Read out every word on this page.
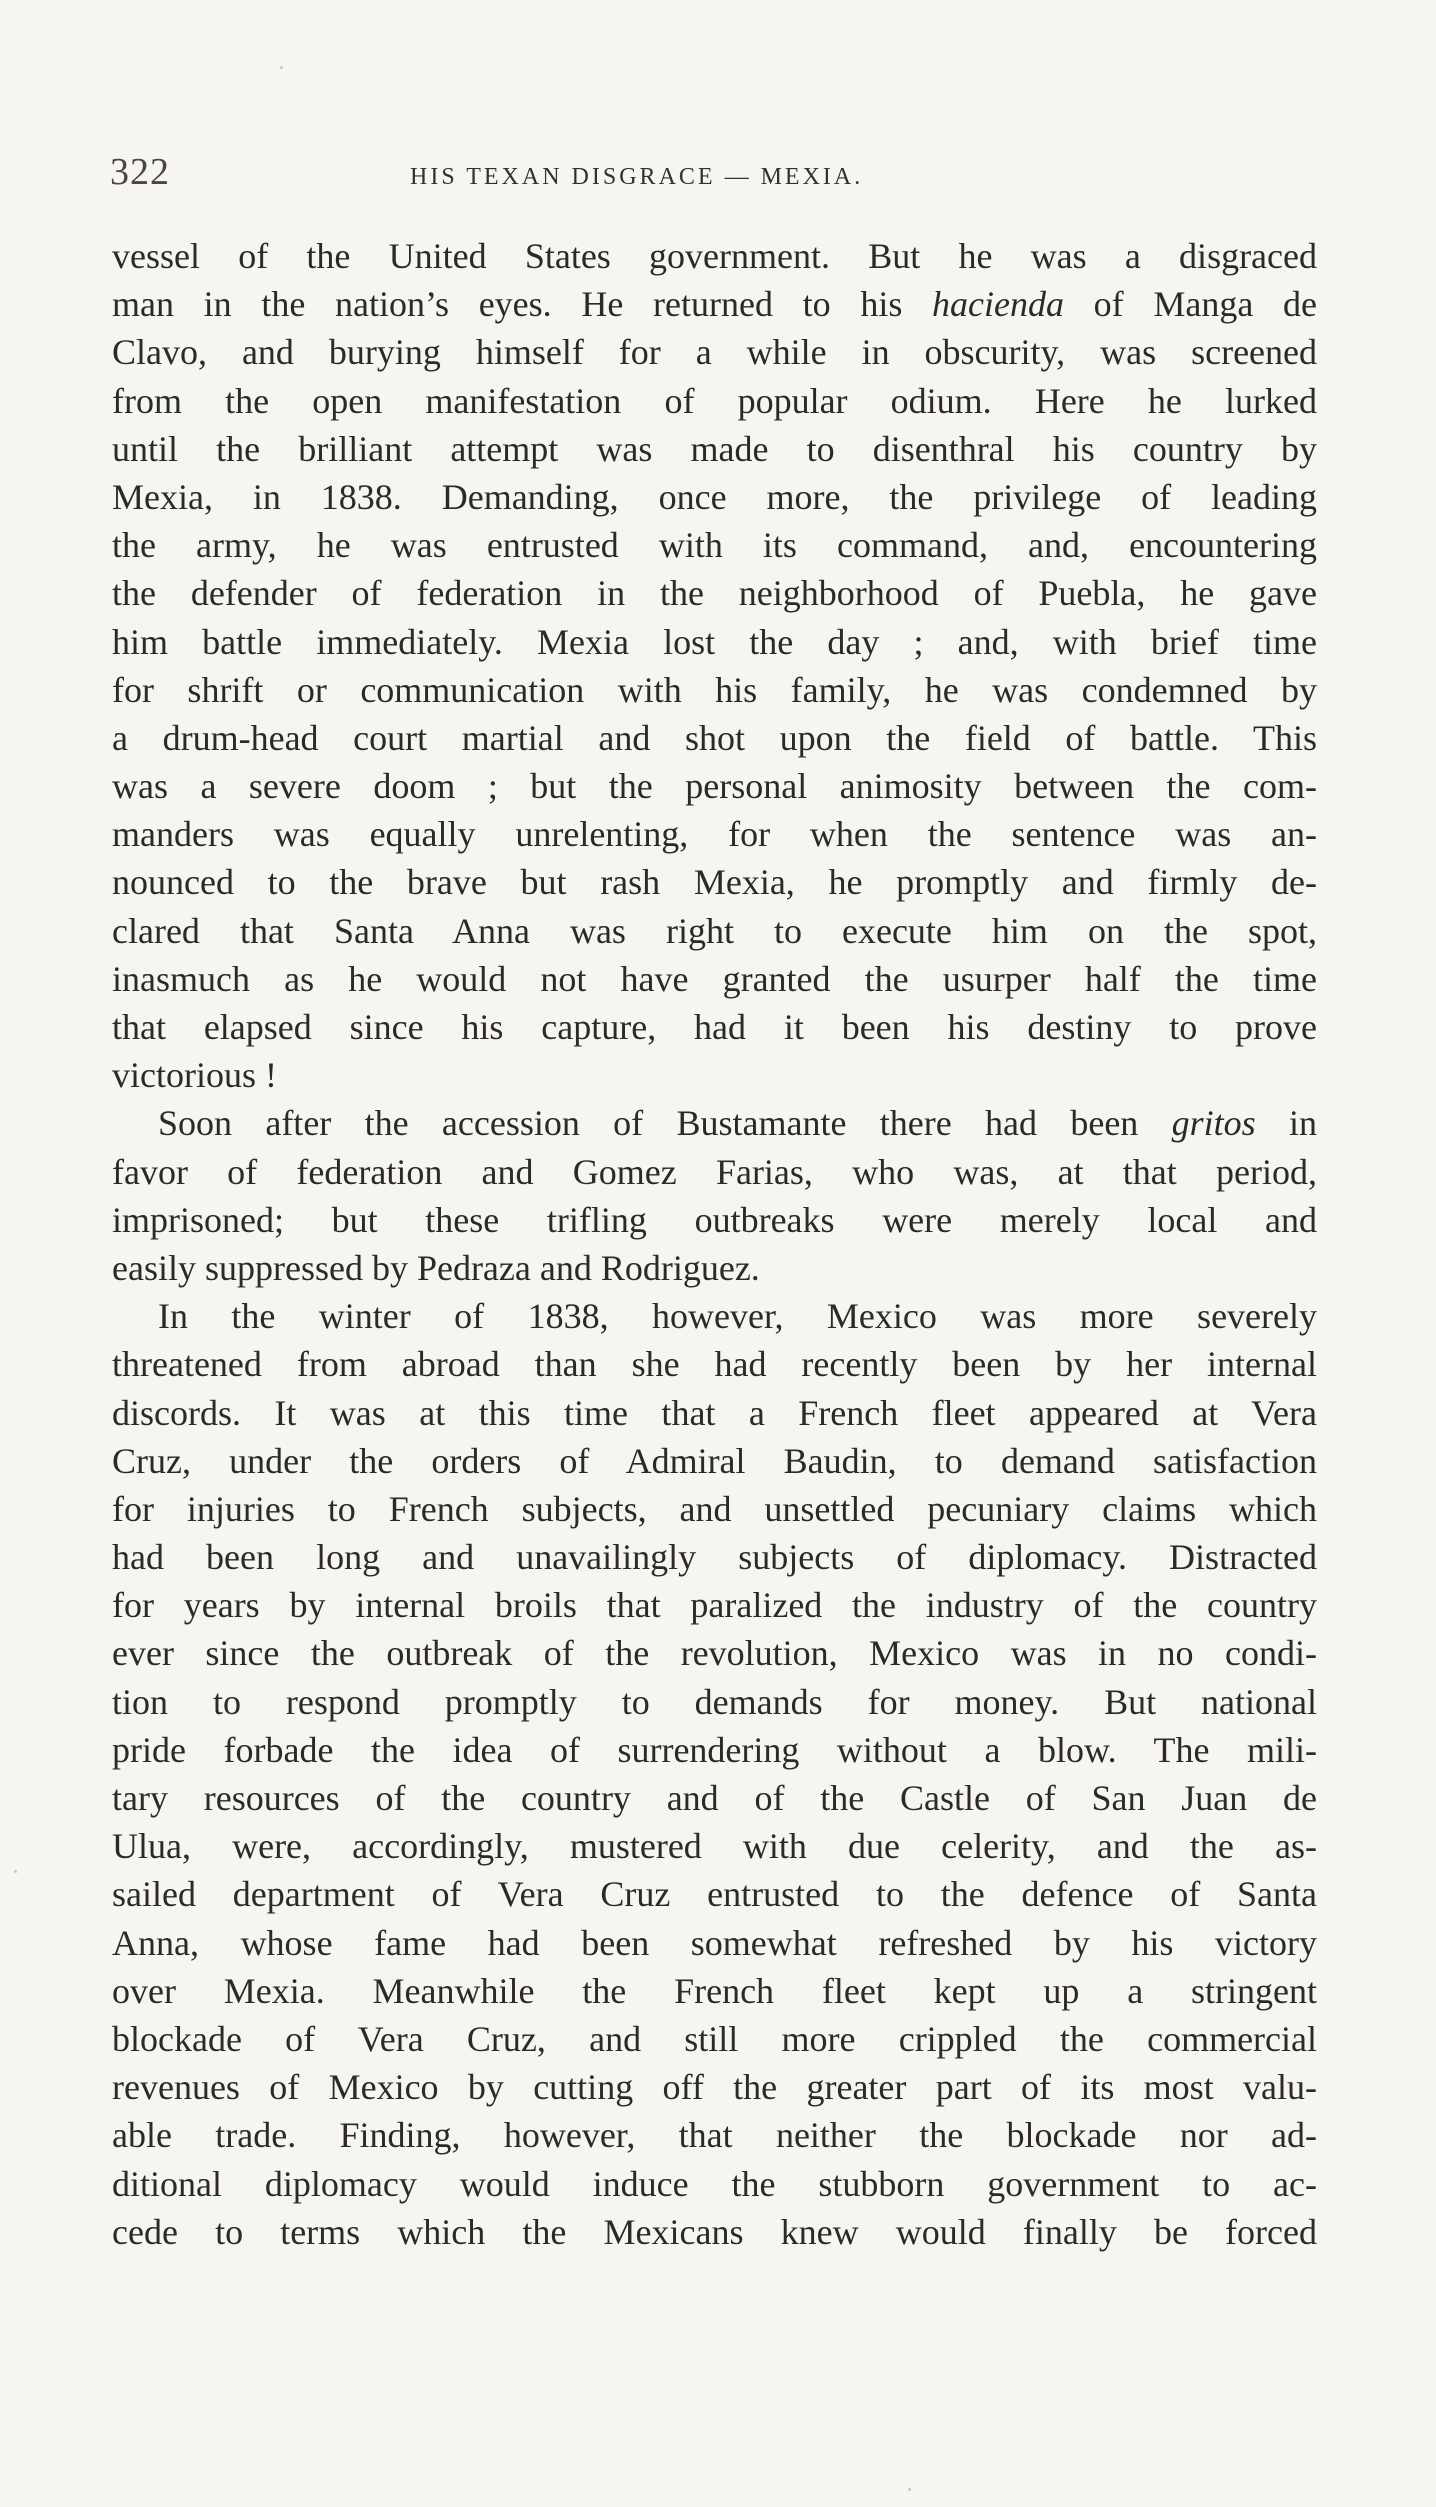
322	HIS TEXAN DISGRACE — MEXIA.
vessel of the United States government. But he was a disgraced
man in the nation’s eyes. He returned to his hacienda of Manga de
Clavo, and burying himself for a while in obscurity, was screened
from the open manifestation of popular odium. Here he lurked
until the brilliant attempt was made to disenthral his country by
Mexia, in 1838. Demanding, once more, the privilege of leading
the army, he was entrusted with its command, and, encountering
the defender of federation in the neighborhood of Puebla, he gave
him battle immediately. Mexia lost the day ; and, with brief time
for shrift or communication with his family, he was condemned by
a drum-head court martial and shot upon the field of battle. This
was a severe doom ; but the personal animosity between the com-
manders was equally unrelenting, for when the sentence was an-
nounced to the brave but rash Mexia, he promptly and firmly de-
clared that Santa Anna was right to execute him on the spot,
inasmuch as he would not have granted the usurper half the time
that elapsed since his capture, had it been his destiny to prove
victorious !
Soon after the accession of Bustamante there had been gritos in
favor of federation and Gomez Farias, who was, at that period,
imprisoned; but these trifling outbreaks were merely local and
easily suppressed by Pedraza and Rodriguez.
In the winter of 1838, however, Mexico was more severely
threatened from abroad than she had recently been by her internal
discords. It was at this time that a French fleet appeared at Vera
Cruz, under the orders of Admiral Baudin, to demand satisfaction
for injuries to French subjects, and unsettled pecuniary claims which
had been long and unavailingly subjects of diplomacy. Distracted
for years by internal broils that paralized the industry of the country
ever since the outbreak of the revolution, Mexico was in no condi-
tion to respond promptly to demands for money. But national
pride forbade the idea of surrendering without a blow. The mili-
tary resources of the country and of the Castle of San Juan de
Ulua, were, accordingly, mustered with due celerity, and the as-
sailed department of Vera Cruz entrusted to the defence of Santa
Anna, whose fame had been somewhat refreshed by his victory
over Mexia. Meanwhile the French fleet kept up a stringent
blockade of Vera Cruz, and still more crippled the commercial
revenues of Mexico by cutting off the greater part of its most valu-
able trade. Finding, however, that neither the blockade nor ad-
ditional diplomacy would induce the stubborn government to ac-
cede to terms which the Mexicans knew would finally be forced
